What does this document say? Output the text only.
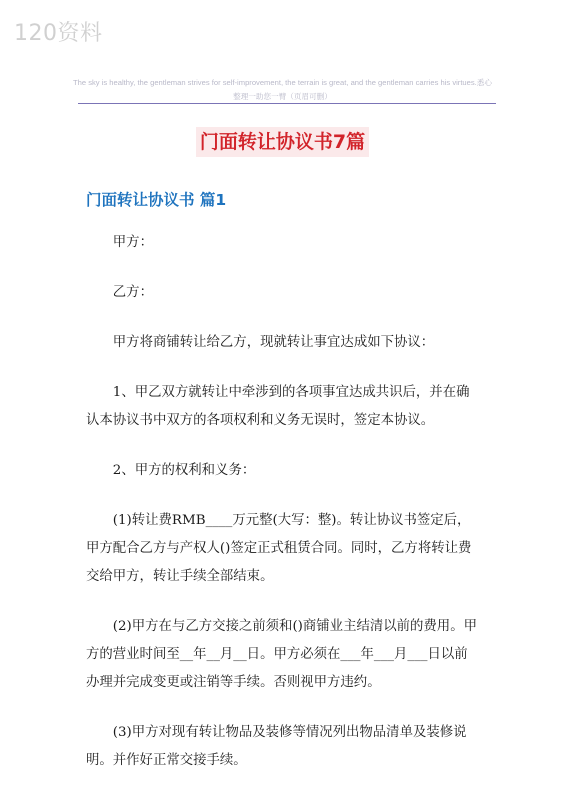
120资料
The sky is healthy, the gentleman strives for self-improvement, the terrain is great, and the gentleman carries his virtues.悉心整理一助您一臂（页眉可删）
门面转让协议书7篇
门面转让协议书 篇1

甲方：

乙方：

甲方将商铺转让给乙方，现就转让事宜达成如下协议：

1、甲乙双方就转让中牵涉到的各项事宜达成共识后，并在确认本协议书中双方的各项权利和义务无误时，签定本协议。

2、甲方的权利和义务：

(1)转让费RMB____万元整(大写：整)。转让协议书签定后，甲方配合乙方与产权人()签定正式租赁合同。同时，乙方将转让费交给甲方，转让手续全部结束。

(2)甲方在与乙方交接之前须和()商铺业主结清以前的费用。甲方的营业时间至__年__月__日。甲方必须在___年___月___日以前办理并完成变更或注销等手续。否则视甲方违约。

(3)甲方对现有转让物品及装修等情况列出物品清单及装修说明。并作好正常交接手续。
